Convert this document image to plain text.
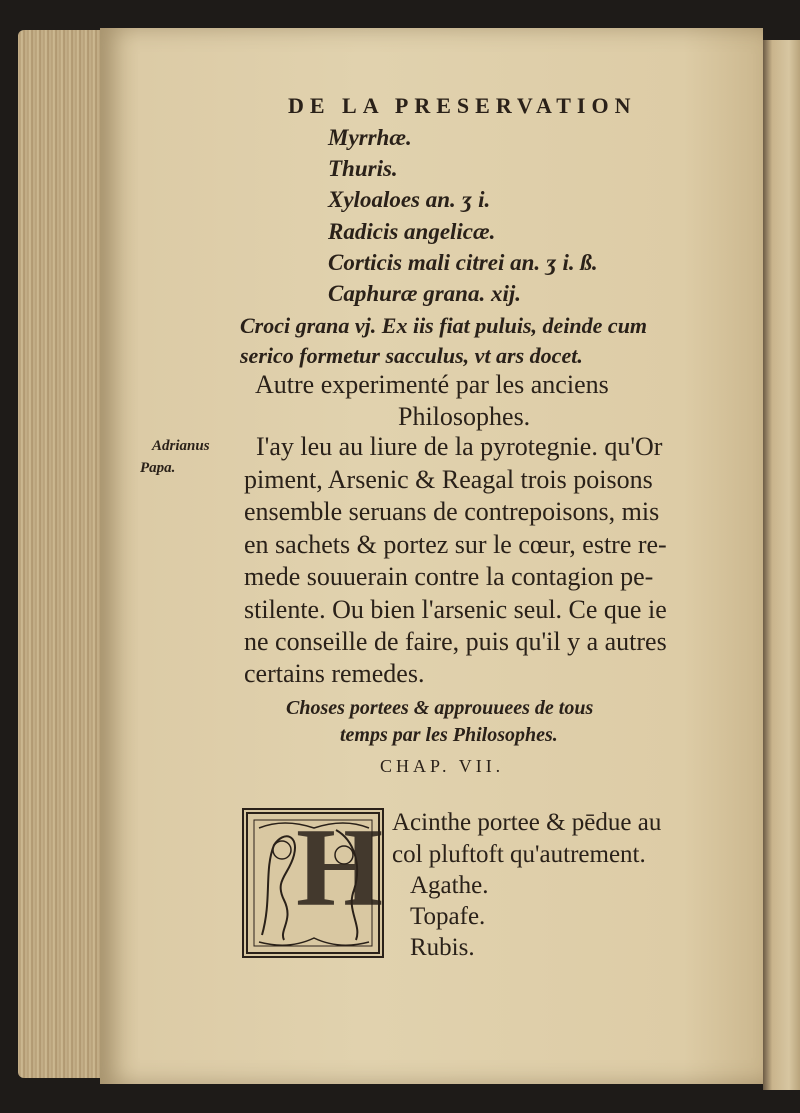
DE LA PRESERVATION
Myrrhæ.
Thuris.
Xyloaloes an. ʒ i.
Radicis angelicæ.
Corticis mali citrei an. ʒ i. ß.
Caphuræ grana. xij.
Croci grana vj. Ex iis fiat puluis, deinde cum
serico formetur sacculus, vt ars docet.
Autre experimenté par les anciens
Philosophes.
Adrianus
Papa.
I'ay leu au liure de la pyrotegnie. qu'Or
piment, Arsenic & Reagal trois poisons
ensemble seruans de contrepoisons, mis
en sachets & portez sur le cœur, estre re-
mede souuerain contre la contagion pe-
stilente. Ou bien l'arsenic seul. Ce que ie
ne conseille de faire, puis qu'il y a autres
certains remedes.
Choses portees & approuuees de tous
temps par les Philosophes.
CHAP. VII.
H Acinthe portee & pēdue au
col pluftoft qu'autrement.
Agathe.
Topafe.
Rubis.
